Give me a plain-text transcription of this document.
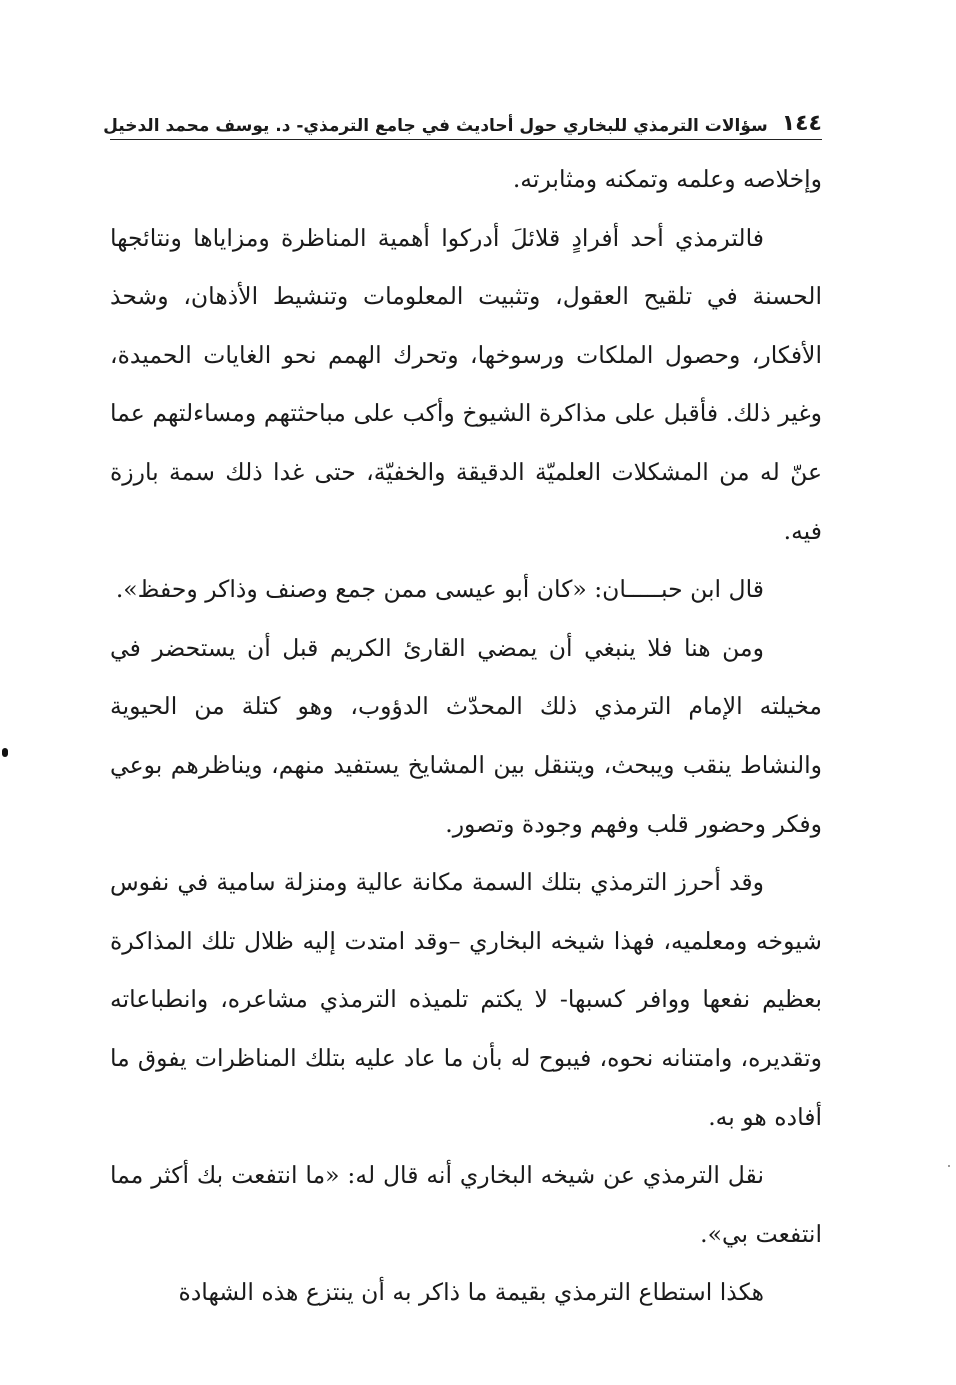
١٤٤
سؤالات الترمذي للبخاري حول أحاديث في جامع الترمذي- د. يوسف محمد الدخيل

وإخلاصه وعلمه وتمكنه ومثابرته.

فالترمذي أحد أفرادٍ قلائلَ أدركوا أهمية المناظرة ومزاياها ونتائجها الحسنة في تلقيح العقول، وتثبيت المعلومات وتنشيط الأذهان، وشحذ الأفكار، وحصول الملكات ورسوخها، وتحرك الهمم نحو الغايات الحميدة، وغير ذلك. فأقبل على مذاكرة الشيوخ وأكب على مباحثتهم ومساءلتهم عما عنّ له من المشكلات العلميّة الدقيقة والخفيّة، حتى غدا ذلك سمة بارزة فيه.

قال ابن حبـــــان: «كان أبو عيسى ممن جمع وصنف وذاكر وحفظ».

ومن هنا فلا ينبغي أن يمضي القارئ الكريم قبل أن يستحضر في مخيلته الإمام الترمذي ذلك المحدّث الدؤوب، وهو كتلة من الحيوية والنشاط ينقب ويبحث، ويتنقل بين المشايخ يستفيد منهم، ويناظرهم بوعي وفكر وحضور قلب وفهم وجودة وتصور.

وقد أحرز الترمذي بتلك السمة مكانة عالية ومنزلة سامية في نفوس شيوخه ومعلميه، فهذا شيخه البخاري –وقد امتدت إليه ظلال تلك المذاكرة بعظيم نفعها ووافر كسبها- لا يكتم تلميذه الترمذي مشاعره، وانطباعاته وتقديره، وامتنانه نحوه، فيبوح له بأن ما عاد عليه بتلك المناظرات يفوق ما أفاده هو به.

نقل الترمذي عن شيخه البخاري أنه قال له: «ما انتفعت بك أكثر مما انتفعت بي».

هكذا استطاع الترمذي بقيمة ما ذاكر به أن ينتزع هذه الشهادة
